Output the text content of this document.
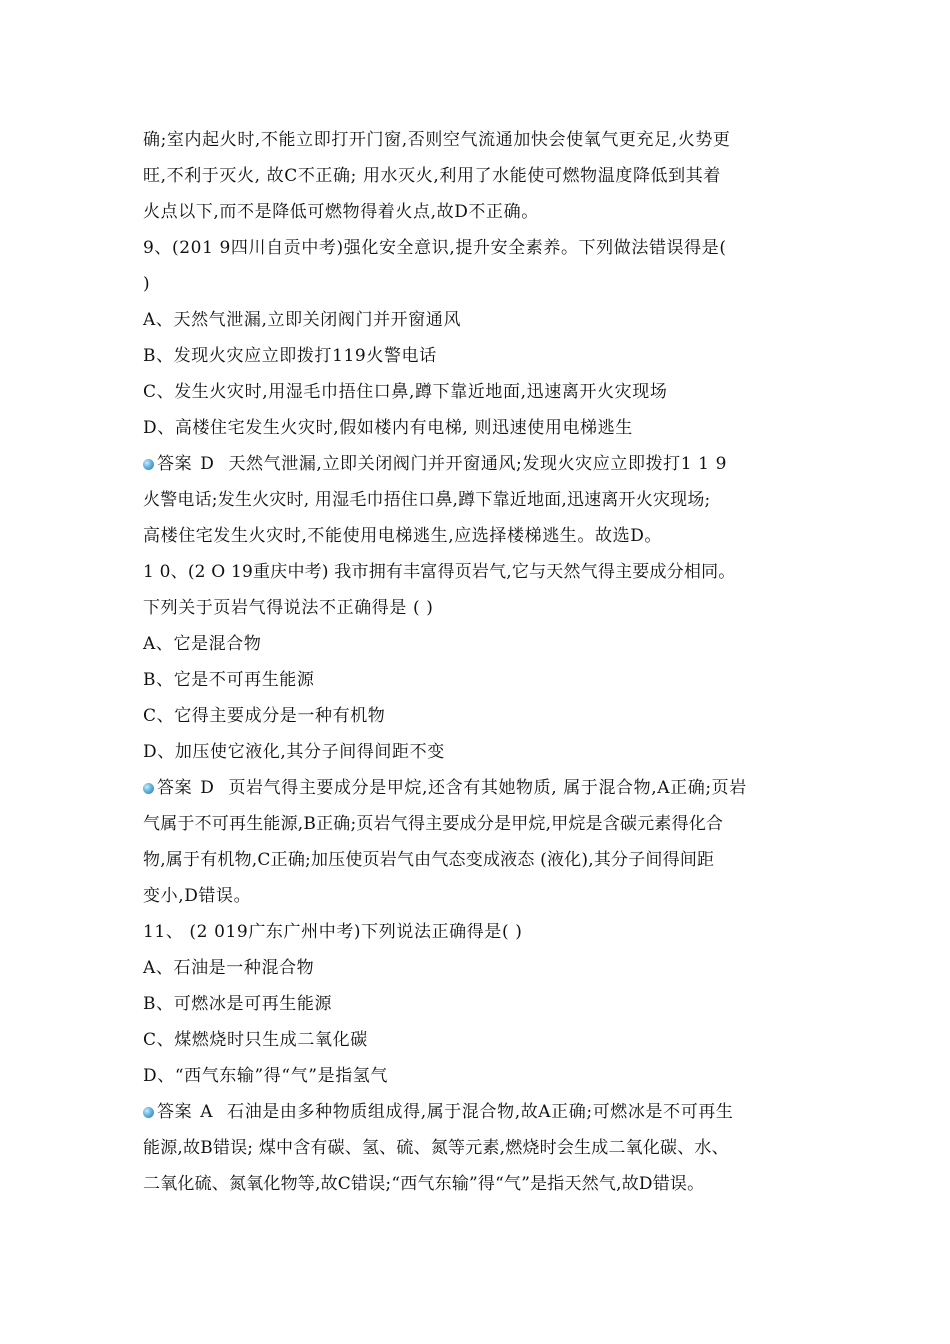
确;室内起火时,不能立即打开门窗,否则空气流通加快会使氧气更充足,火势更
旺,不利于灭火, 故C不正确; 用水灭火,利用了水能使可燃物温度降低到其着
火点以下,而不是降低可燃物得着火点,故D不正确。
9、(201 9四川自贡中考)强化安全意识,提升安全素养。下列做法错误得是(
)
A、天然气泄漏,立即关闭阀门并开窗通风
B、发现火灾应立即拨打119火警电话
C、发生火灾时,用湿毛巾捂住口鼻,蹲下靠近地面,迅速离开火灾现场
D、高楼住宅发生火灾时,假如楼内有电梯, 则迅速使用电梯逃生
答案 D 天然气泄漏,立即关闭阀门并开窗通风;发现火灾应立即拨打1 1 9
火警电话;发生火灾时, 用湿毛巾捂住口鼻,蹲下靠近地面,迅速离开火灾现场;
高楼住宅发生火灾时,不能使用电梯逃生,应选择楼梯逃生。故选D。
1 0、(2 O 19重庆中考) 我市拥有丰富得页岩气,它与天然气得主要成分相同。
下列关于页岩气得说法不正确得是 ( )
A、它是混合物
B、它是不可再生能源
C、它得主要成分是一种有机物
D、加压使它液化,其分子间得间距不变
答案 D 页岩气得主要成分是甲烷,还含有其她物质, 属于混合物,A正确;页岩
气属于不可再生能源,B正确;页岩气得主要成分是甲烷,甲烷是含碳元素得化合
物,属于有机物,C正确;加压使页岩气由气态变成液态 (液化),其分子间得间距
变小,D错误。
11、 (2 019广东广州中考)下列说法正确得是( )
A、石油是一种混合物
B、可燃冰是可再生能源
C、煤燃烧时只生成二氧化碳
D、“西气东输”得“气”是指氢气
答案 A 石油是由多种物质组成得,属于混合物,故A正确;可燃冰是不可再生
能源,故B错误; 煤中含有碳、氢、硫、氮等元素,燃烧时会生成二氧化碳、水、
二氧化硫、氮氧化物等,故C错误;“西气东输”得“气”是指天然气,故D错误。
